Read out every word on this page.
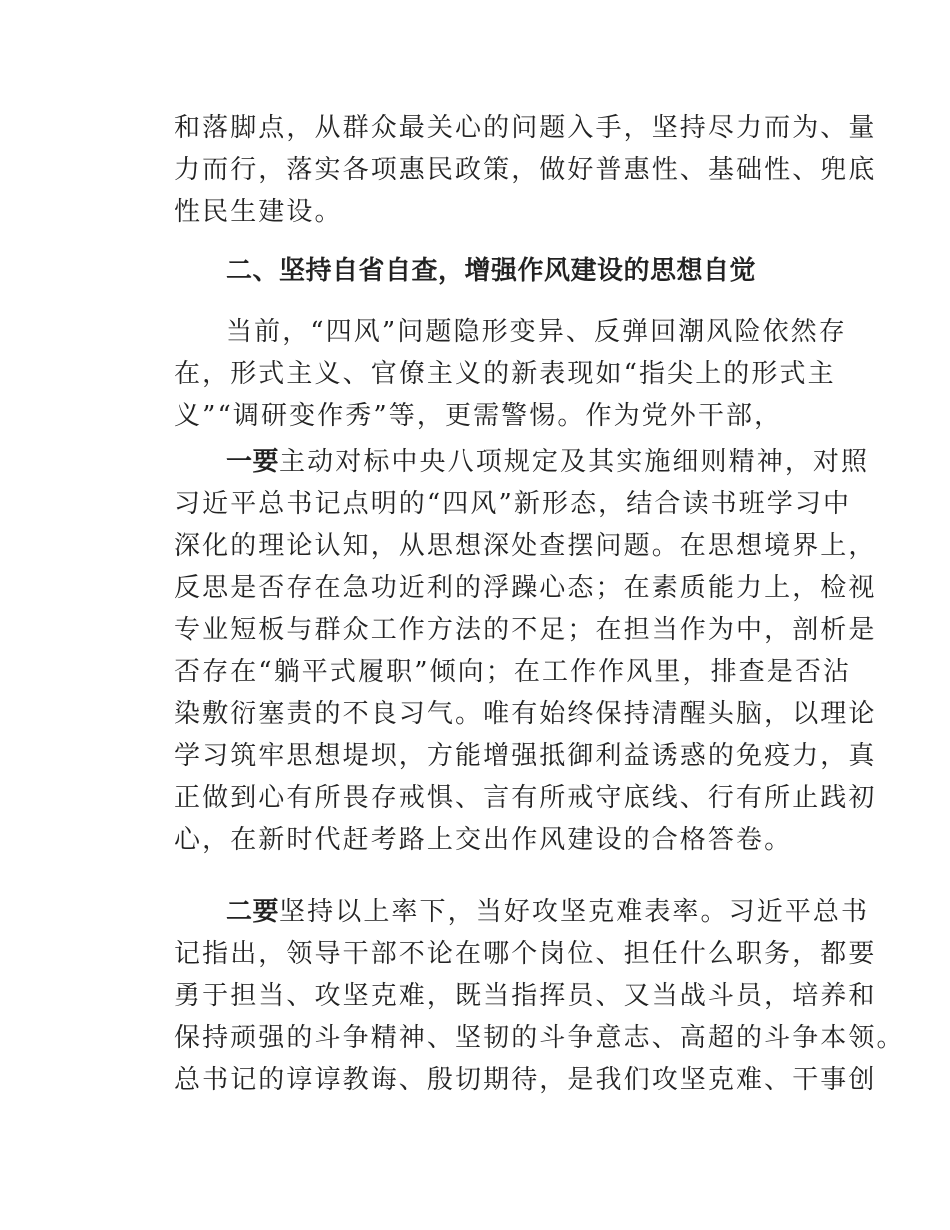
和落脚点，从群众最关心的问题入手，坚持尽力而为、量
力而行，落实各项惠民政策，做好普惠性、基础性、兜底
性民生建设。
二、坚持自省自查，增强作风建设的思想自觉
当前，“四风”问题隐形变异、反弹回潮风险依然存
在，形式主义、官僚主义的新表现如“指尖上的形式主
义”“调研变作秀”等，更需警惕。作为党外干部，
一要主动对标中央八项规定及其实施细则精神，对照
习近平总书记点明的“四风”新形态，结合读书班学习中
深化的理论认知，从思想深处查摆问题。在思想境界上，
反思是否存在急功近利的浮躁心态；在素质能力上，检视
专业短板与群众工作方法的不足；在担当作为中，剖析是
否存在“躺平式履职”倾向；在工作作风里，排查是否沾
染敷衍塞责的不良习气。唯有始终保持清醒头脑，以理论
学习筑牢思想堤坝，方能增强抵御利益诱惑的免疫力，真
正做到心有所畏存戒惧、言有所戒守底线、行有所止践初
心，在新时代赶考路上交出作风建设的合格答卷。
二要坚持以上率下，当好攻坚克难表率。习近平总书
记指出，领导干部不论在哪个岗位、担任什么职务，都要
勇于担当、攻坚克难，既当指挥员、又当战斗员，培养和
保持顽强的斗争精神、坚韧的斗争意志、高超的斗争本领。
总书记的谆谆教诲、殷切期待，是我们攻坚克难、干事创
